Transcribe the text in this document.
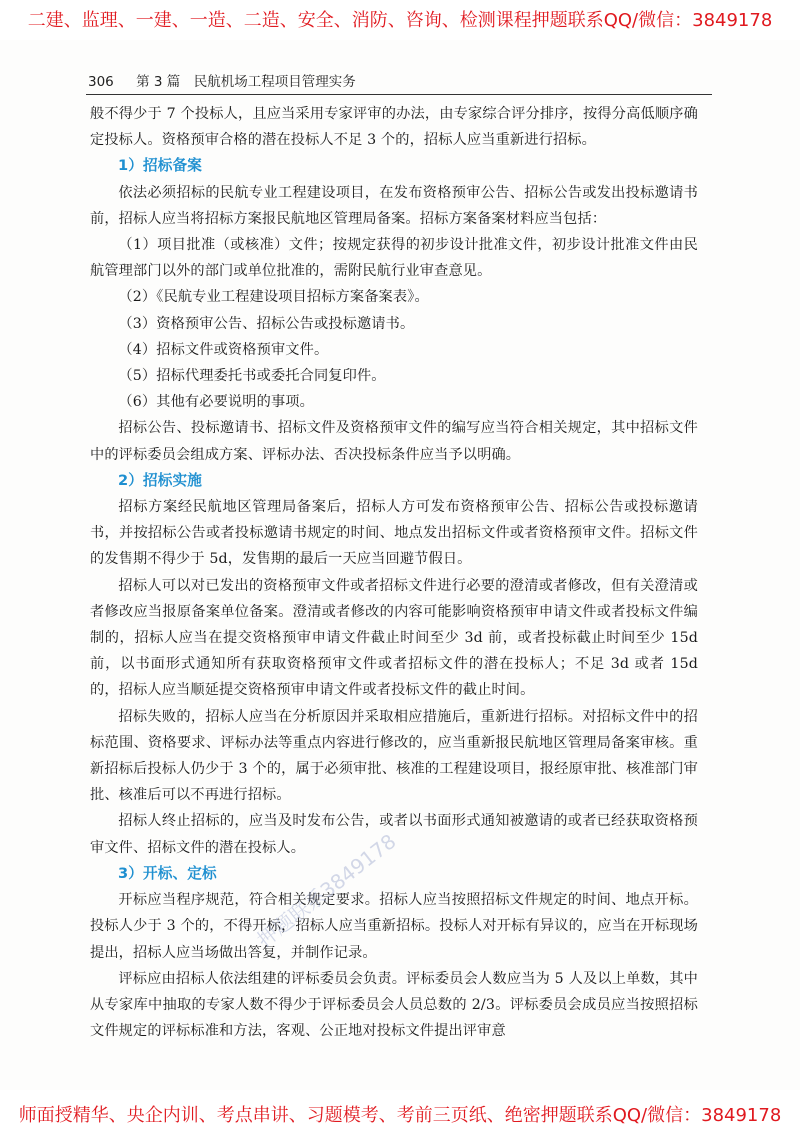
二建、监理、一建、一造、二造、安全、消防、咨询、检测课程押题联系QQ/微信：3849178
306 第 3 篇　民航机场工程项目管理实务

般不得少于 7 个投标人，且应当采用专家评审的办法，由专家综合评分排序，按得分高低顺序确定投标人。资格预审合格的潜在投标人不足 3 个的，招标人应当重新进行招标。

1）招标备案

依法必须招标的民航专业工程建设项目，在发布资格预审公告、招标公告或发出投标邀请书前，招标人应当将招标方案报民航地区管理局备案。招标方案备案材料应当包括：

（1）项目批准（或核准）文件；按规定获得的初步设计批准文件，初步设计批准文件由民航管理部门以外的部门或单位批准的，需附民航行业审查意见。

（2）《民航专业工程建设项目招标方案备案表》。

（3）资格预审公告、招标公告或投标邀请书。

（4）招标文件或资格预审文件。

（5）招标代理委托书或委托合同复印件。

（6）其他有必要说明的事项。

招标公告、投标邀请书、招标文件及资格预审文件的编写应当符合相关规定，其中招标文件中的评标委员会组成方案、评标办法、否决投标条件应当予以明确。

2）招标实施

招标方案经民航地区管理局备案后，招标人方可发布资格预审公告、招标公告或投标邀请书，并按招标公告或者投标邀请书规定的时间、地点发出招标文件或者资格预审文件。招标文件的发售期不得少于 5d，发售期的最后一天应当回避节假日。

招标人可以对已发出的资格预审文件或者招标文件进行必要的澄清或者修改，但有关澄清或者修改应当报原备案单位备案。澄清或者修改的内容可能影响资格预审申请文件或者投标文件编制的，招标人应当在提交资格预审申请文件截止时间至少 3d 前，或者投标截止时间至少 15d 前，以书面形式通知所有获取资格预审文件或者招标文件的潜在投标人；不足 3d 或者 15d 的，招标人应当顺延提交资格预审申请文件或者投标文件的截止时间。

招标失败的，招标人应当在分析原因并采取相应措施后，重新进行招标。对招标文件中的招标范围、资格要求、评标办法等重点内容进行修改的，应当重新报民航地区管理局备案审核。重新招标后投标人仍少于 3 个的，属于必须审批、核准的工程建设项目，报经原审批、核准部门审批、核准后可以不再进行招标。

招标人终止招标的，应当及时发布公告，或者以书面形式通知被邀请的或者已经获取资格预审文件、招标文件的潜在投标人。

3）开标、定标

开标应当程序规范，符合相关规定要求。招标人应当按照招标文件规定的时间、地点开标。投标人少于 3 个的，不得开标，招标人应当重新招标。投标人对开标有异议的，应当在开标现场提出，招标人应当场做出答复，并制作记录。

评标应由招标人依法组建的评标委员会负责。评标委员会人数应当为 5 人及以上单数，其中从专家库中抽取的专家人数不得少于评标委员会人员总数的 2/3。评标委员会成员应当按照招标文件规定的评标标准和方法，客观、公正地对投标文件提出评审意

押题联系3849178
师面授精华、央企内训、考点串讲、习题模考、考前三页纸、绝密押题联系QQ/微信：3849178
